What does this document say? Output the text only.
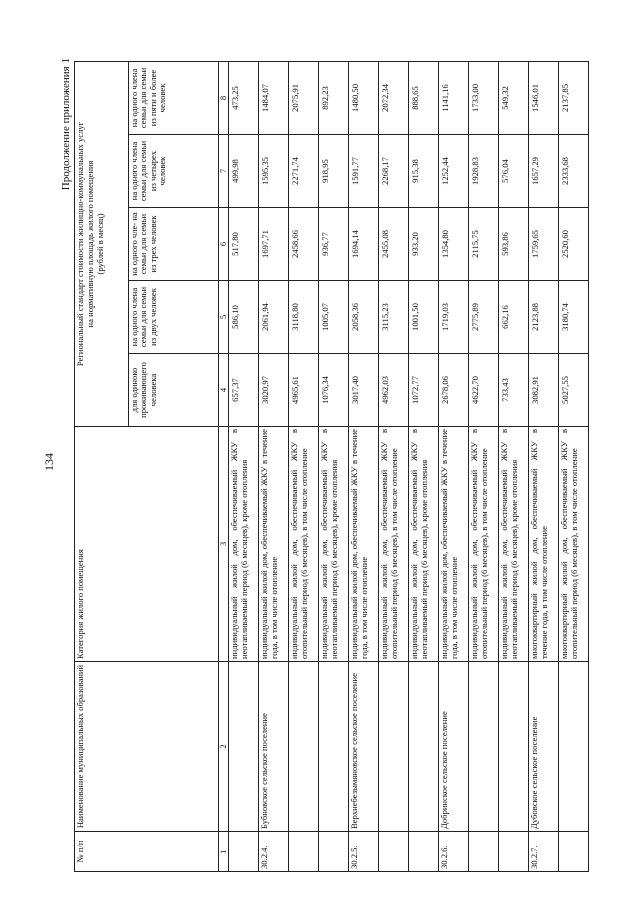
134
Продолжение приложения 1
№ п/п	Наименование муниципальных образований	Категория жилого помещения	Региональный стандарт стоимости жилищно-коммунальных услуг на нормативную площадь жилого помещения (рублей в месяц)				

			для одиноко проживающего человека	на одного члена семьи для семьи из двух человек	на одного чле- на семьи для семьи из трех человек	на одного члена семьи для семьи из четырех человек	на одного члена семьи для семьи из пяти и более человек
1	2	3	4	5	6	7	8
		индивидуальный жилой дом, обеспечиваемый ЖКУ в неотапливаемый период (6 месяцев), кроме отопления	657,37	586,10	517,80	499,98	473,25
30.2.4.	Бубновское сельское поселение	индивидуальный жилой дом, обеспечиваемый ЖКУ в течение года, в том числе отопление	3020,97	2061,94	1697,71	1595,35	1484,07
		индивидуальный жилой дом, обеспечиваемый ЖКУ в отопительный период (6 месяцев), в том числе отопление	4965,61	3118,80	2458,66	2271,74	2075,91
		индивидуальный жилой дом, обеспечиваемый ЖКУ в неотапливаемый период (6 месяцев), кроме отопления	1076,34	1005,07	936,77	918,95	892,23
30.2.5.	Верхнебезымяновское сельское поселение	индивидуальный жилой дом, обеспечиваемый ЖКУ в течение года, в том числе отопление	3017,40	2058,36	1694,14	1591,77	1480,50
		индивидуальный жилой дом, обеспечиваемый ЖКУ в отопительный период (6 месяцев), в том числе отопление	4962,03	3115,23	2455,08	2268,17	2072,34
		индивидуальный жилой дом, обеспечиваемый ЖКУ в неотапливаемый период (6 месяцев), кроме отопления	1072,77	1001,50	933,20	915,38	888,65
30.2.6.	Добринское сельское поселение	индивидуальный жилой дом, обеспечиваемый ЖКУ в течение года, в том числе отопление	2678,06	1719,03	1354,80	1252,44	1141,16
		индивидуальный жилой дом, обеспечиваемый ЖКУ в отопительный период (6 месяцев), в том числе отопление	4622,70	2775,89	2115,75	1928,83	1733,00
		индивидуальный жилой дом, обеспечиваемый ЖКУ в неотапливаемый период (6 месяцев), кроме отопления	733,43	662,16	593,86	576,04	549,32
30.2.7.	Дубовское сельское поселение	многоквартирный жилой дом, обеспечиваемый ЖКУ в течение года, в том числе отопление	3082,91	2123,88	1759,65	1657,29	1546,01
		многоквартирный жилой дом, обеспечиваемый ЖКУ в отопительный период (6 месяцев), в том числе отопление	5027,55	3180,74	2520,60	2333,68	2137,85
